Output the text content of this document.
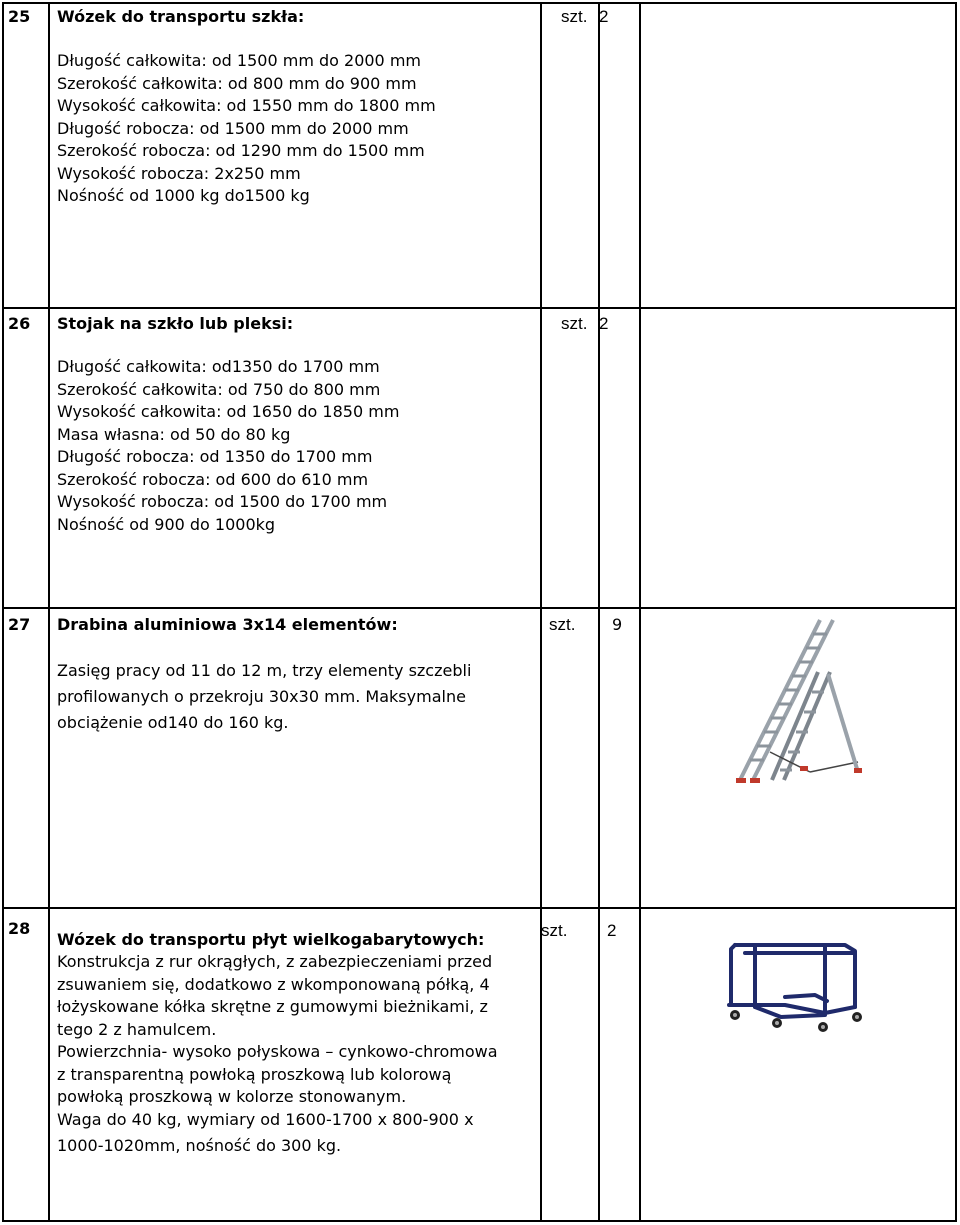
25 Wózek do transportu szkła:
Długość całkowita: od 1500 mm do 2000 mm
Szerokość całkowita: od 800 mm do 900 mm
Wysokość całkowita: od 1550 mm do 1800 mm
Długość robocza: od 1500 mm do 2000 mm
Szerokość robocza: od 1290 mm do 1500 mm
Wysokość robocza: 2x250 mm
Nośność od 1000 kg do1500 kg
szt. 2
26 Stojak na szkło lub pleksi:
Długość całkowita: od1350 do 1700 mm
Szerokość całkowita: od 750 do 800 mm
Wysokość całkowita: od 1650 do 1850 mm
Masa własna: od 50 do 80 kg
Długość robocza: od 1350 do 1700 mm
Szerokość robocza: od 600 do 610 mm
Wysokość robocza: od 1500 do 1700 mm
Nośność od 900 do 1000kg
szt. 2
27 Drabina aluminiowa 3x14 elementów:
Zasięg pracy od 11 do 12 m, trzy elementy szczebli
profilowanych o przekroju 30x30 mm. Maksymalne
obciążenie od140 do 160 kg.
szt. 9
28
Wózek do transportu płyt wielkogabarytowych:
Konstrukcja z rur okrągłych, z zabezpieczeniami przed
zsuwaniem się, dodatkowo z wkomponowaną półką, 4
łożyskowane kółka skrętne z gumowymi bieżnikami, z
tego 2 z hamulcem.
Powierzchnia- wysoko połyskowa – cynkowo-chromowa
z transparentną powłoką proszkową lub kolorową
powłoką proszkową w kolorze stonowanym.
Waga do 40 kg, wymiary od 1600-1700 x 800-900 x
1000-1020mm, nośność do 300 kg.
szt. 2
